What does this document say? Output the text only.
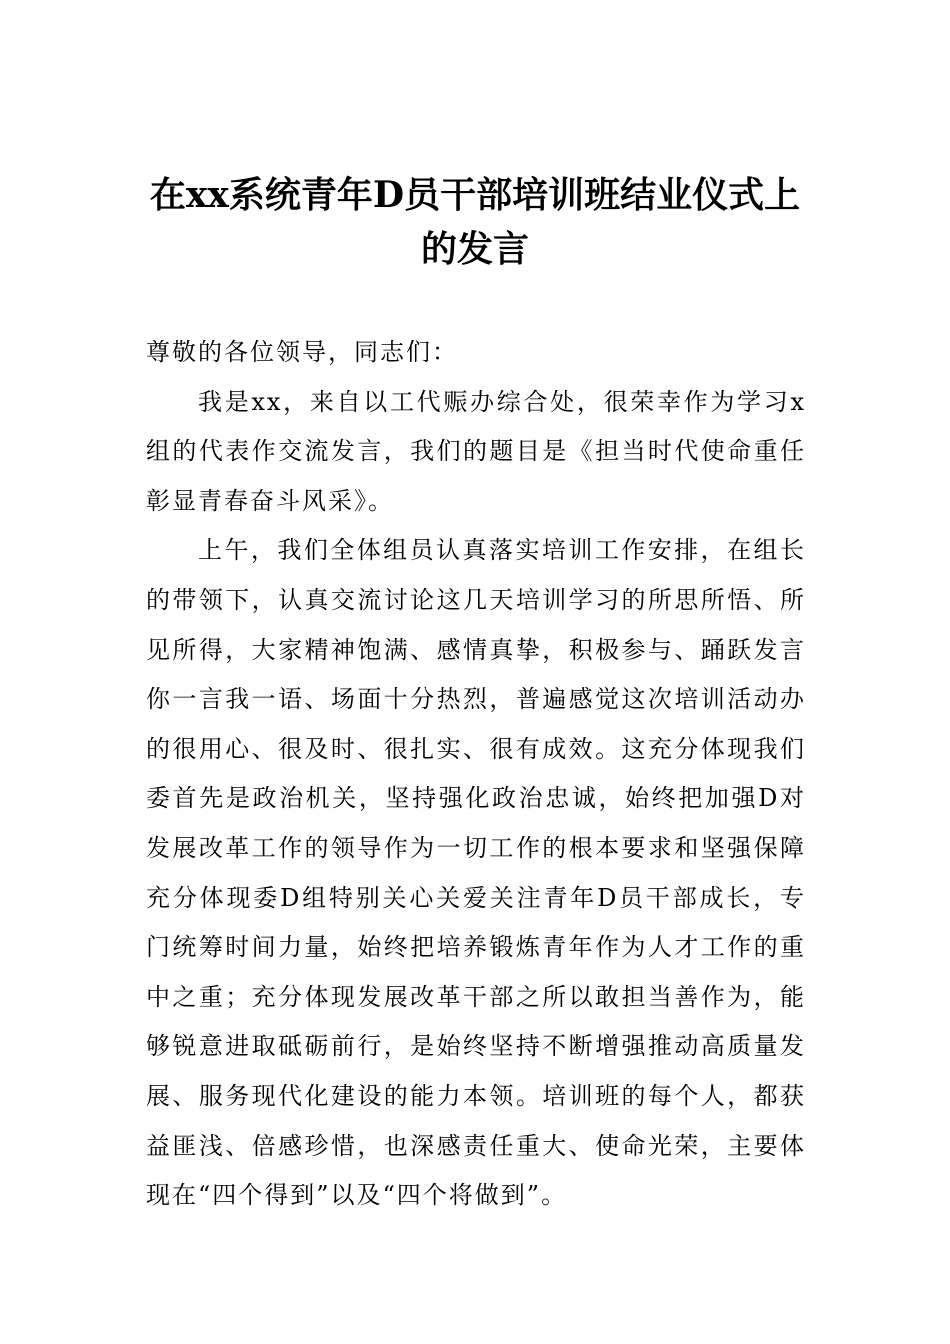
在xx系统青年D员干部培训班结业仪式上的发言

尊敬的各位领导，同志们：

我是xx，来自以工代赈办综合处，很荣幸作为学习x组的代表作交流发言，我们的题目是《担当时代使命重任彰显青春奋斗风采》。

上午，我们全体组员认真落实培训工作安排，在组长的带领下，认真交流讨论这几天培训学习的所思所悟、所见所得，大家精神饱满、感情真挚，积极参与、踊跃发言你一言我一语、场面十分热烈，普遍感觉这次培训活动办的很用心、很及时、很扎实、很有成效。这充分体现我们委首先是政治机关，坚持强化政治忠诚，始终把加强D对发展改革工作的领导作为一切工作的根本要求和坚强保障充分体现委D组特别关心关爱关注青年D员干部成长，专门统筹时间力量，始终把培养锻炼青年作为人才工作的重中之重；充分体现发展改革干部之所以敢担当善作为，能够锐意进取砥砺前行，是始终坚持不断增强推动高质量发展、服务现代化建设的能力本领。培训班的每个人，都获益匪浅、倍感珍惜，也深感责任重大、使命光荣，主要体现在“四个得到”以及“四个将做到”。
